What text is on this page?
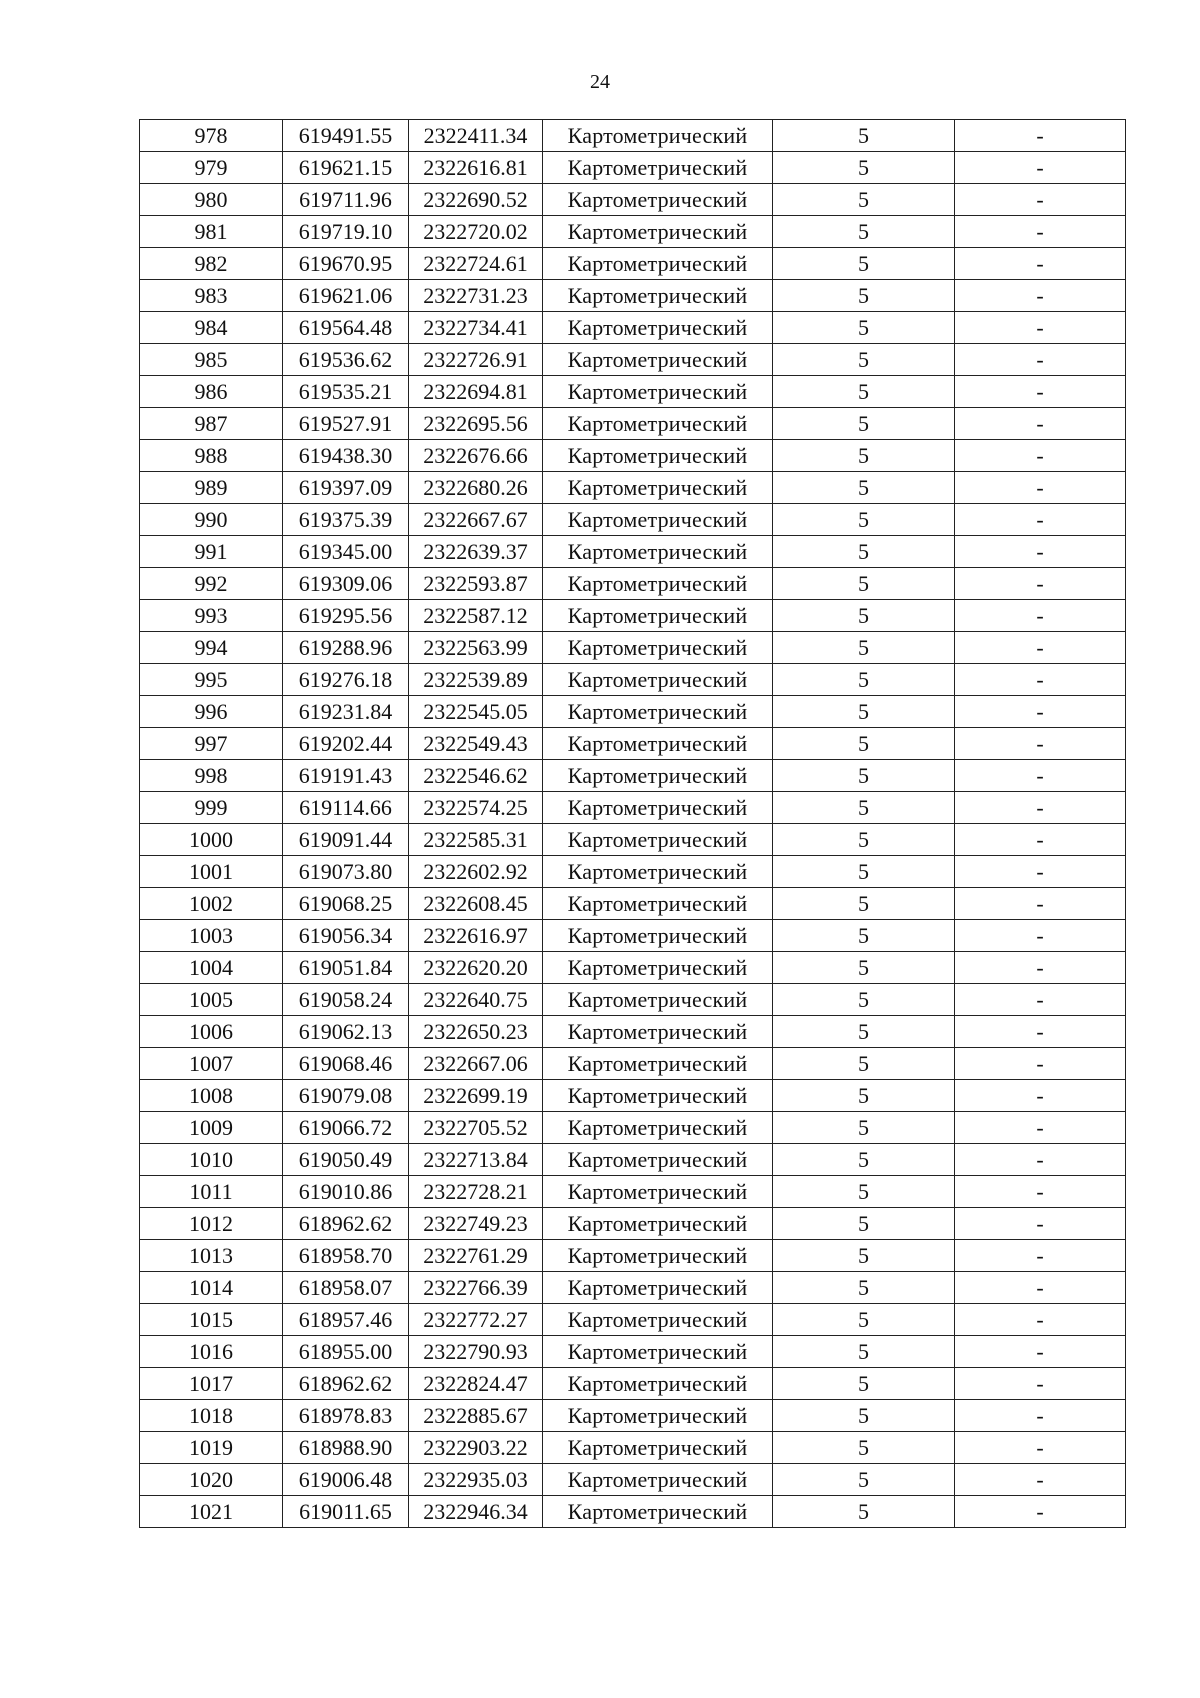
24
978	619491.55	2322411.34	Картометрический	5	-
979	619621.15	2322616.81	Картометрический	5	-
980	619711.96	2322690.52	Картометрический	5	-
981	619719.10	2322720.02	Картометрический	5	-
982	619670.95	2322724.61	Картометрический	5	-
983	619621.06	2322731.23	Картометрический	5	-
984	619564.48	2322734.41	Картометрический	5	-
985	619536.62	2322726.91	Картометрический	5	-
986	619535.21	2322694.81	Картометрический	5	-
987	619527.91	2322695.56	Картометрический	5	-
988	619438.30	2322676.66	Картометрический	5	-
989	619397.09	2322680.26	Картометрический	5	-
990	619375.39	2322667.67	Картометрический	5	-
991	619345.00	2322639.37	Картометрический	5	-
992	619309.06	2322593.87	Картометрический	5	-
993	619295.56	2322587.12	Картометрический	5	-
994	619288.96	2322563.99	Картометрический	5	-
995	619276.18	2322539.89	Картометрический	5	-
996	619231.84	2322545.05	Картометрический	5	-
997	619202.44	2322549.43	Картометрический	5	-
998	619191.43	2322546.62	Картометрический	5	-
999	619114.66	2322574.25	Картометрический	5	-
1000	619091.44	2322585.31	Картометрический	5	-
1001	619073.80	2322602.92	Картометрический	5	-
1002	619068.25	2322608.45	Картометрический	5	-
1003	619056.34	2322616.97	Картометрический	5	-
1004	619051.84	2322620.20	Картометрический	5	-
1005	619058.24	2322640.75	Картометрический	5	-
1006	619062.13	2322650.23	Картометрический	5	-
1007	619068.46	2322667.06	Картометрический	5	-
1008	619079.08	2322699.19	Картометрический	5	-
1009	619066.72	2322705.52	Картометрический	5	-
1010	619050.49	2322713.84	Картометрический	5	-
1011	619010.86	2322728.21	Картометрический	5	-
1012	618962.62	2322749.23	Картометрический	5	-
1013	618958.70	2322761.29	Картометрический	5	-
1014	618958.07	2322766.39	Картометрический	5	-
1015	618957.46	2322772.27	Картометрический	5	-
1016	618955.00	2322790.93	Картометрический	5	-
1017	618962.62	2322824.47	Картометрический	5	-
1018	618978.83	2322885.67	Картометрический	5	-
1019	618988.90	2322903.22	Картометрический	5	-
1020	619006.48	2322935.03	Картометрический	5	-
1021	619011.65	2322946.34	Картометрический	5	-
